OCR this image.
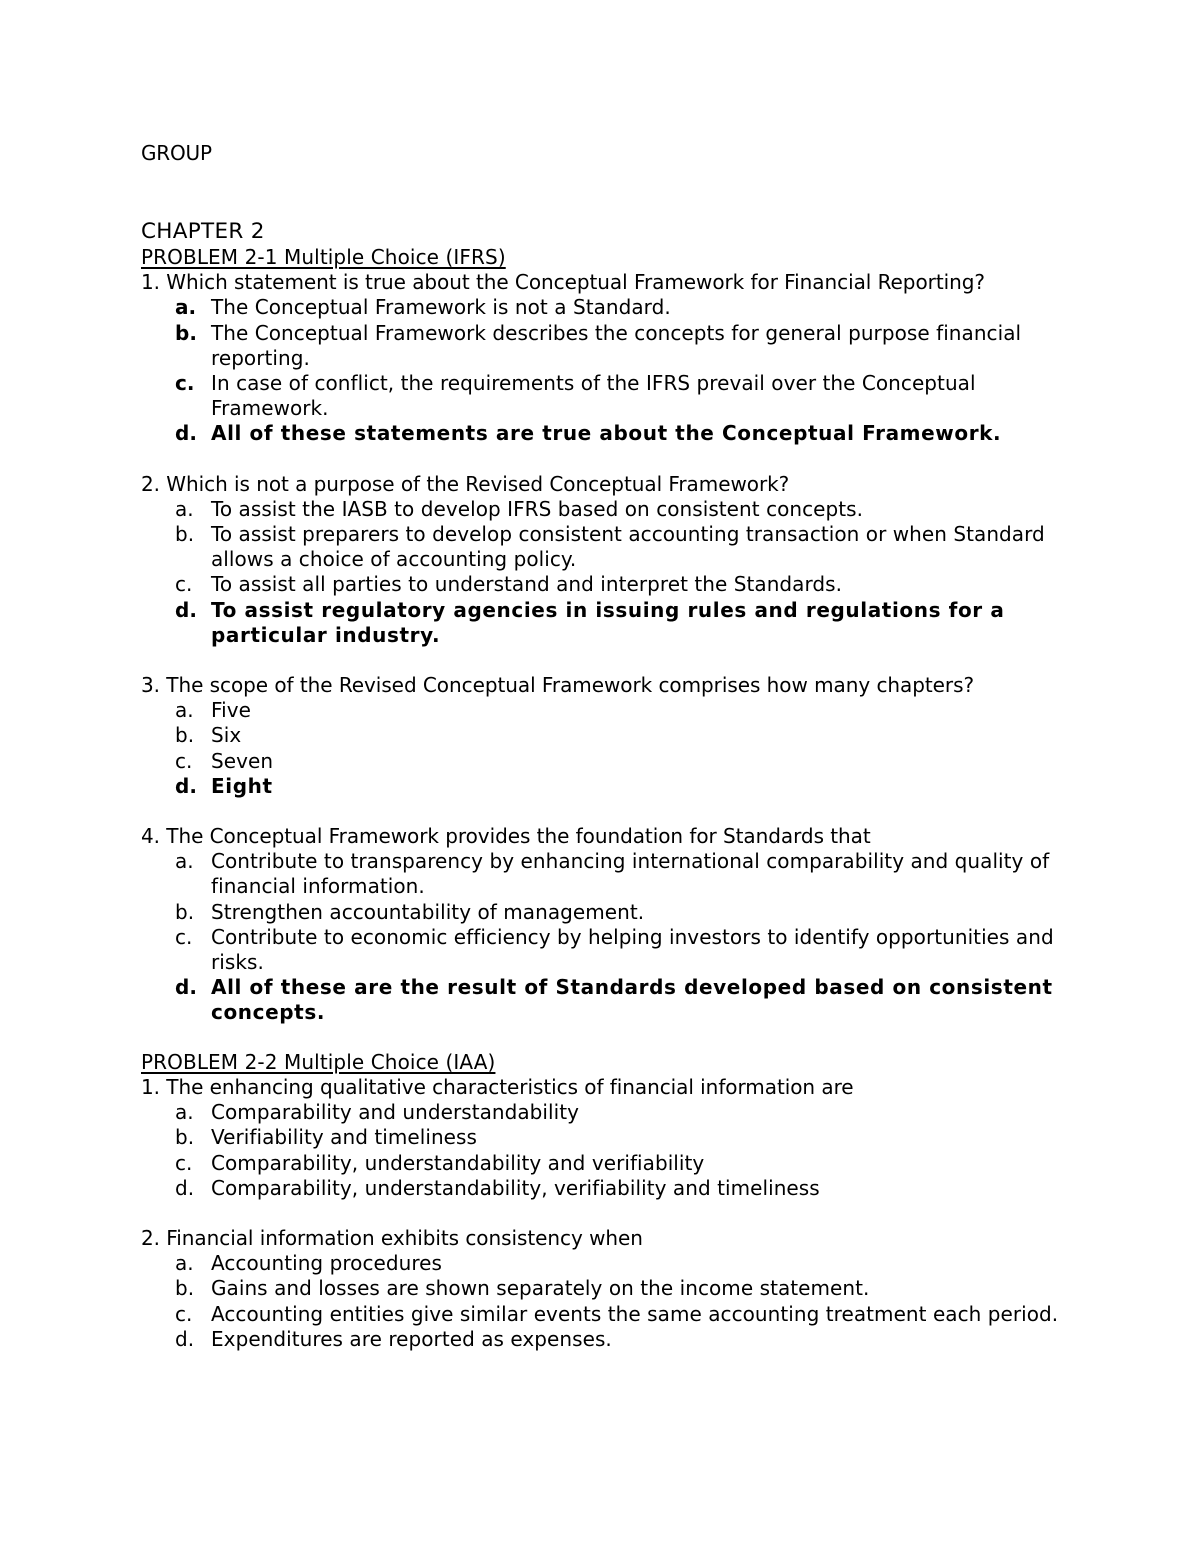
GROUP

CHAPTER 2
PROBLEM 2-1 Multiple Choice (IFRS)

1. Which statement is true about the Conceptual Framework for Financial Reporting?

a. The Conceptual Framework is not a Standard.
b. The Conceptual Framework describes the concepts for general purpose financial reporting.
c. In case of conflict, the requirements of the IFRS prevail over the Conceptual Framework.
d. All of these statements are true about the Conceptual Framework.

2. Which is not a purpose of the Revised Conceptual Framework?

a. To assist the IASB to develop IFRS based on consistent concepts.
b. To assist preparers to develop consistent accounting transaction or when Standard allows a choice of accounting policy.
c. To assist all parties to understand and interpret the Standards.
d. To assist regulatory agencies in issuing rules and regulations for a particular industry.

3. The scope of the Revised Conceptual Framework comprises how many chapters?

a. Five
b. Six
c. Seven
d. Eight

4. The Conceptual Framework provides the foundation for Standards that

a. Contribute to transparency by enhancing international comparability and quality of financial information.
b. Strengthen accountability of management.
c. Contribute to economic efficiency by helping investors to identify opportunities and risks.
d. All of these are the result of Standards developed based on consistent concepts.
PROBLEM 2-2 Multiple Choice (IAA)

1. The enhancing qualitative characteristics of financial information are

a. Comparability and understandability
b. Verifiability and timeliness
c. Comparability, understandability and verifiability
d. Comparability, understandability, verifiability and timeliness

2. Financial information exhibits consistency when

a. Accounting procedures
b. Gains and losses are shown separately on the income statement.
c. Accounting entities give similar events the same accounting treatment each period.
d. Expenditures are reported as expenses.
